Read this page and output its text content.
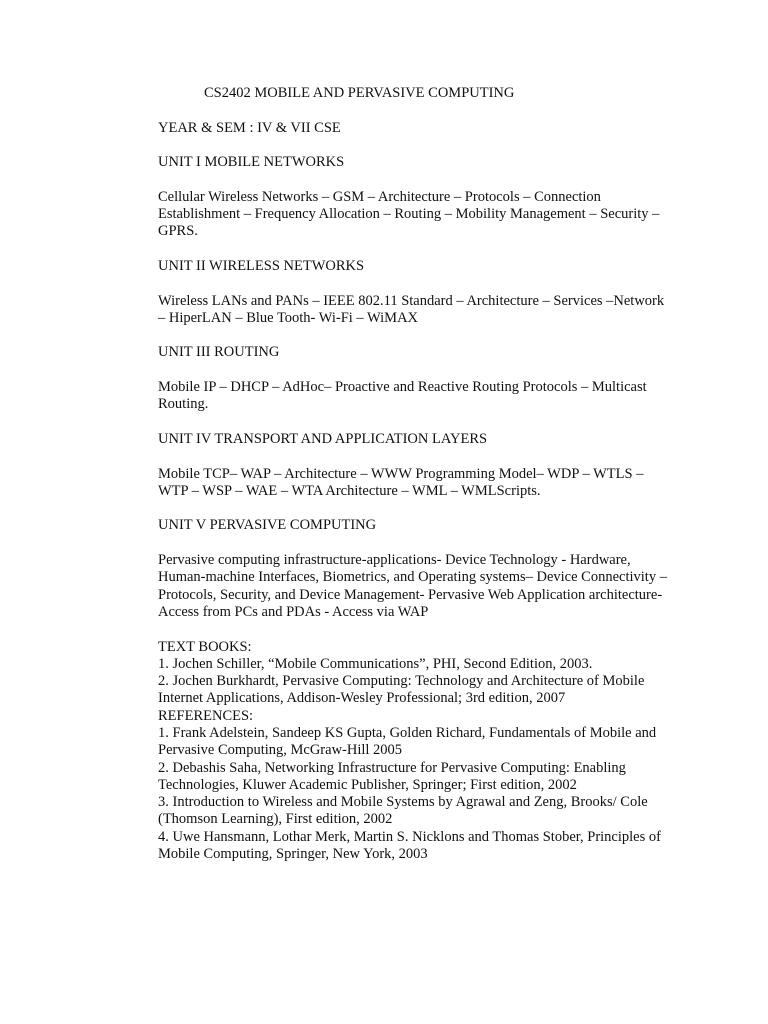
CS2402 MOBILE AND PERVASIVE COMPUTING

YEAR & SEM : IV & VII CSE

UNIT I MOBILE NETWORKS

Cellular Wireless Networks – GSM – Architecture – Protocols – Connection

Establishment – Frequency Allocation – Routing – Mobility Management – Security –

GPRS.

UNIT II WIRELESS NETWORKS

Wireless LANs and PANs – IEEE 802.11 Standard – Architecture – Services –Network

– HiperLAN – Blue Tooth- Wi-Fi – WiMAX

UNIT III ROUTING

Mobile IP – DHCP – AdHoc– Proactive and Reactive Routing Protocols – Multicast

Routing.

UNIT IV TRANSPORT AND APPLICATION LAYERS

Mobile TCP– WAP – Architecture – WWW Programming Model– WDP – WTLS –

WTP – WSP – WAE – WTA Architecture – WML – WMLScripts.

UNIT V PERVASIVE COMPUTING

Pervasive computing infrastructure-applications- Device Technology - Hardware,

Human-machine Interfaces, Biometrics, and Operating systems– Device Connectivity –

Protocols, Security, and Device Management- Pervasive Web Application architecture-

Access from PCs and PDAs - Access via WAP

TEXT BOOKS:

1. Jochen Schiller, “Mobile Communications”, PHI, Second Edition, 2003.

2. Jochen Burkhardt, Pervasive Computing: Technology and Architecture of Mobile

Internet Applications, Addison-Wesley Professional; 3rd edition, 2007

REFERENCES:

1. Frank Adelstein, Sandeep KS Gupta, Golden Richard, Fundamentals of Mobile and

Pervasive Computing, McGraw-Hill 2005

2. Debashis Saha, Networking Infrastructure for Pervasive Computing: Enabling

Technologies, Kluwer Academic Publisher, Springer; First edition, 2002

3. Introduction to Wireless and Mobile Systems by Agrawal and Zeng, Brooks/ Cole

(Thomson Learning), First edition, 2002

4. Uwe Hansmann, Lothar Merk, Martin S. Nicklons and Thomas Stober, Principles of

Mobile Computing, Springer, New York, 2003
